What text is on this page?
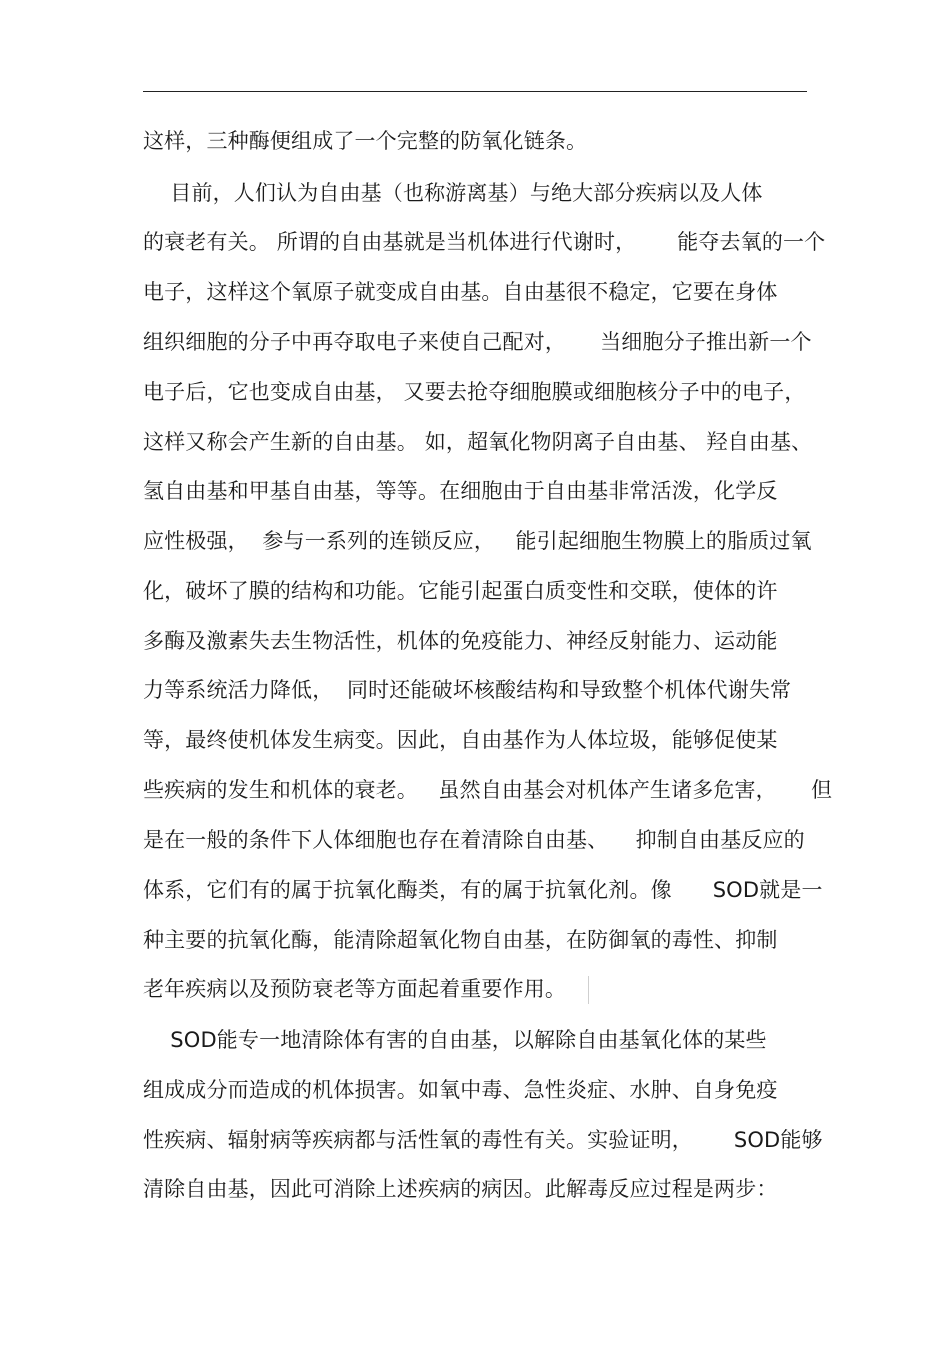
这样，三种酶便组成了一个完整的防氧化链条。
目前，人们认为自由基（也称游离基）与绝大部分疾病以及人体
的衰老有关。 所谓的自由基就是当机体进行代谢时，      能夺去氧的一个
电子，这样这个氧原子就变成自由基。自由基很不稳定，它要在身体
组织细胞的分子中再夺取电子来使自己配对，     当细胞分子推出新一个
电子后，它也变成自由基， 又要去抢夺细胞膜或细胞核分子中的电子，
这样又称会产生新的自由基。 如，超氧化物阴离子自由基、 羟自由基、
氢自由基和甲基自由基，等等。在细胞由于自由基非常活泼，化学反
应性极强，  参与一系列的连锁反应，   能引起细胞生物膜上的脂质过氧
化，破坏了膜的结构和功能。它能引起蛋白质变性和交联，使体的许
多酶及激素失去生物活性，机体的免疫能力、神经反射能力、运动能
力等系统活力降低，  同时还能破坏核酸结构和导致整个机体代谢失常
等，最终使机体发生病变。因此，自由基作为人体垃圾，能够促使某
些疾病的发生和机体的衰老。   虽然自由基会对机体产生诸多危害，     但
是在一般的条件下人体细胞也存在着清除自由基、    抑制自由基反应的
体系，它们有的属于抗氧化酶类，有的属于抗氧化剂。像      SOD就是一
种主要的抗氧化酶，能清除超氧化物自由基，在防御氧的毒性、抑制
老年疾病以及预防衰老等方面起着重要作用。
SOD能专一地清除体有害的自由基，以解除自由基氧化体的某些
组成成分而造成的机体损害。如氧中毒、急性炎症、水肿、自身免疫
性疾病、辐射病等疾病都与活性氧的毒性有关。实验证明，      SOD能够
清除自由基，因此可消除上述疾病的病因。此解毒反应过程是两步：
